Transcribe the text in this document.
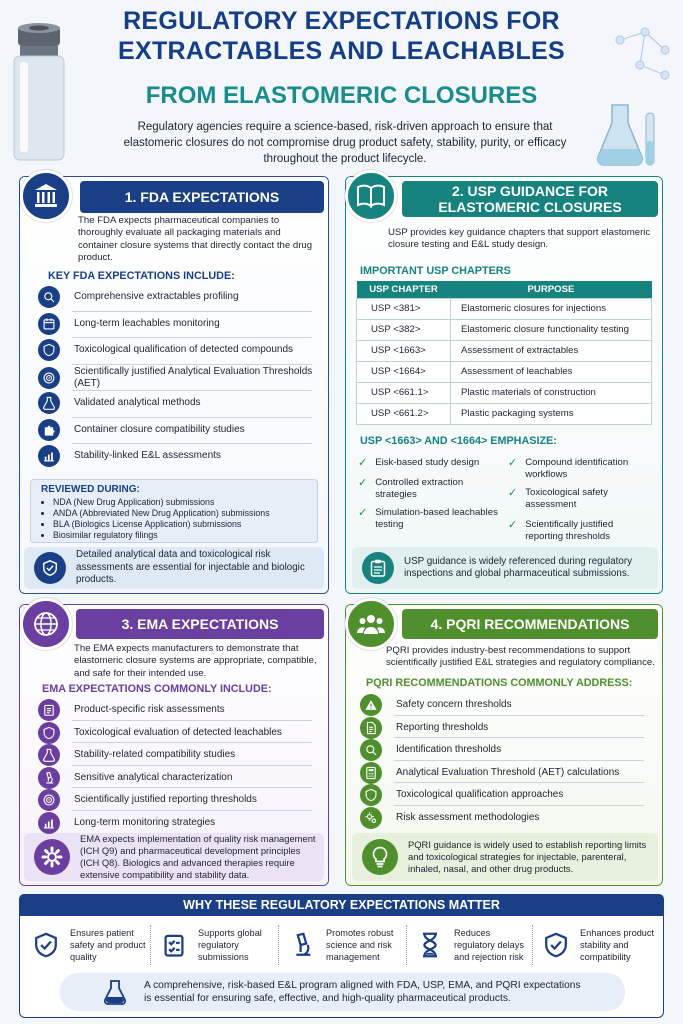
REGULATORY EXPECTATIONS FOR
EXTRACTABLES AND LEACHABLES
FROM ELASTOMERIC CLOSURES
Regulatory agencies require a science-based, risk-driven approach to ensure that elastomeric closures do not compromise drug product safety, stability, purity, or efficacy throughout the product lifecycle.
1. FDA EXPECTATIONS
The FDA expects pharmaceutical companies to thoroughly evaluate all packaging materials and container closure systems that directly contact the drug product.
KEY FDA EXPECTATIONS INCLUDE:
REVIEWED DURING:
• NDA (New Drug Application) submissions
• ANDA (Abbreviated New Drug Application) submissions
• BLA (Biologics License Application) submissions
• Biosimilar regulatory filings
Detailed analytical data and toxicological risk assessments are essential for injectable and biologic products.
Comprehensive extractables profiling
Long-term leachables monitoring
Toxicological qualification of detected compounds
Scientifically justified Analytical Evaluation Thresholds (AET)
Validated analytical methods
Container closure compatibility studies
Stability-linked E&L assessments
2. USP GUIDANCE FOR
ELASTOMERIC CLOSURES
USP provides key guidance chapters that support elastomeric closure testing and E&L study design.
IMPORTANT USP CHAPTERS
USP CHAPTER	PURPOSE
USP <381>	Elastomeric closures for injections
USP <382>	Elastomeric closure functionality testing
USP <1663>	Assessment of extractables
USP <1664>	Assessment of leachables
USP <661.1>	Plastic materials of construction
USP <661.2>	Plastic packaging systems
USP <1663> AND <1664> EMPHASIZE:
USP guidance is widely referenced during regulatory inspections and global pharmaceutical submissions.
✓ Eisk-based study design
✓ Controlled extraction strategies
✓ Simulation-based leachables testing
✓ Compound identification workflows
✓ Toxicological safety assessment
✓ Scientifically justified reporting thresholds
3. EMA EXPECTATIONS
The EMA expects manufacturers to demonstrate that elastomeric closure systems are appropriate, compatible, and safe for their intended use.
EMA EXPECTATIONS COMMONLY INCLUDE:
EMA expects implementation of quality risk management (ICH Q9) and pharmaceutical development principles (ICH Q8). Biologics and advanced therapies require extensive compatibility and stability data.
Product-specific risk assessments
Toxicological evaluation of detected leachables
Stability-related compatibility studies
Sensitive analytical characterization
Scientifically justified reporting thresholds
Long-term monitoring strategies
4. PQRI RECOMMENDATIONS
PQRI provides industry-best recommendations to support scientifically justified E&L strategies and regulatory compliance.
PQRI RECOMMENDATIONS COMMONLY ADDRESS:
PQRI guidance is widely used to establish reporting limits and toxicological strategies for injectable, parenteral, inhaled, nasal, and other drug products.
Safety concern thresholds
Reporting thresholds
Identification thresholds
Analytical Evaluation Threshold (AET) calculations
Toxicological qualification approaches
Risk assessment methodologies
WHY THESE REGULATORY EXPECTATIONS MATTER
A comprehensive, risk-based E&L program aligned with FDA, USP, EMA, and PQRI expectations is essential for ensuring safe, effective, and high-quality pharmaceutical products.
Ensures patient safety and product quality
Supports global regulatory submissions
Promotes robust science and risk management
Reduces regulatory delays and rejection risk
Enhances product stability and compatibility
